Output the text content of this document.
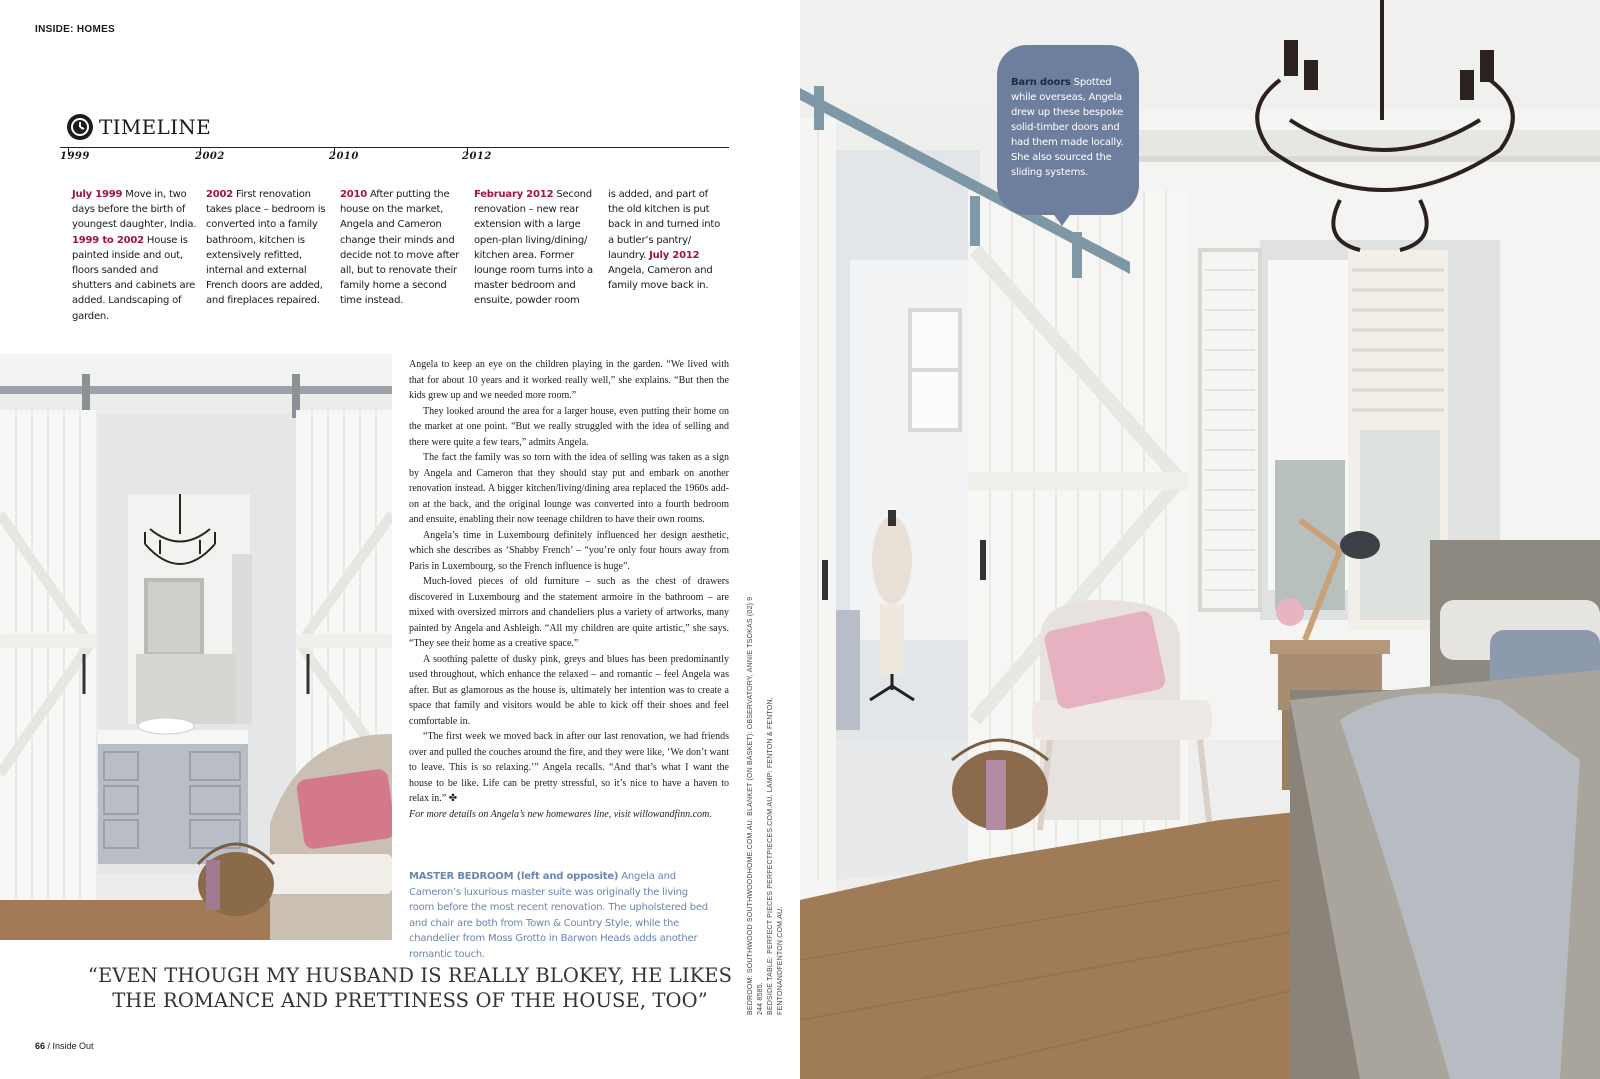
INSIDE: HOMES
TIMELINE
1999	2002	2010	2012

July 1999 Move in, two days before the birth of youngest daughter, India. 1999 to 2002 House is painted inside and out, floors sanded and shutters and cabinets are added. Landscaping of garden.

2002 First renovation takes place – bedroom is converted into a family bathroom, kitchen is extensively refitted, internal and external French doors are added, and fireplaces repaired.

2010 After putting the house on the market, Angela and Cameron change their minds and decide not to move after all, but to renovate their family home a second time instead.

February 2012 Second renovation – new rear extension with a large open-plan living/dining/ kitchen area. Former lounge room turns into a master bedroom and ensuite, powder room

is added, and part of the old kitchen is put back in and turned into a butler’s pantry/ laundry. July 2012 Angela, Cameron and family move back in.

Angela to keep an eye on the children playing in the garden. “We lived with that for about 10 years and it worked really well,” she explains. “But then the kids grew up and we needed more room.”

They looked around the area for a larger house, even putting their home on the market at one point. “But we really struggled with the idea of selling and there were quite a few tears,” admits Angela.

The fact the family was so torn with the idea of selling was taken as a sign by Angela and Cameron that they should stay put and embark on another renovation instead. A bigger kitchen/living/dining area replaced the 1960s add-on at the back, and the original lounge was converted into a fourth bedroom and ensuite, enabling their now teenage children to have their own rooms.

Angela’s time in Luxembourg definitely influenced her design aesthetic, which she describes as ‘Shabby French’ – “you’re only four hours away from Paris in Luxembourg, so the French influence is huge”.

Much-loved pieces of old furniture – such as the chest of drawers discovered in Luxembourg and the statement armoire in the bathroom – are mixed with oversized mirrors and chandeliers plus a variety of artworks, many painted by Angela and Ashleigh. “All my children are quite artistic,” she says. “They see their home as a creative space.”

A soothing palette of dusky pink, greys and blues has been predominantly used throughout, which enhance the relaxed – and romantic – feel Angela was after. But as glamorous as the house is, ultimately her intention was to create a space that family and visitors would be able to kick off their shoes and feel comfortable in.

“The first week we moved back in after our last renovation, we had friends over and pulled the couches around the fire, and they were like, ‘We don’t want to leave. This is so relaxing.’” Angela recalls. “And that’s what I want the house to be like. Life can be pretty stressful, so it’s nice to have a haven to relax in.” ✤

For more details on Angela’s new homewares line, visit willowandfinn.com.

MASTER BEDROOM (left and opposite) Angela and Cameron’s luxurious master suite was originally the living room before the most recent renovation. The upholstered bed and chair are both from Town & Country Style, while the chandelier from Moss Grotto in Barwon Heads adds another romantic touch.
“EVEN THOUGH MY HUSBAND IS REALLY BLOKEY, HE LIKES THE ROMANCE AND PRETTINESS OF THE HOUSE, TOO”
66 / Inside Out
BEDROOM: SOUTHWOOD SOUTHWOODHOME.COM.AU. BLANKET (ON BASKET): OBSERVATORY, ANNIE TSOKAS (02) 9 244 8585. BEDSIDE TABLE: PERFECT PIECES PERFECTPIECES.COM.AU. LAMP: FENTON & FENTON, FENTONANDFENTON.COM.AU.
Barn doors Spotted while overseas, Angela drew up these bespoke solid-timber doors and had them made locally. She also sourced the sliding systems.
